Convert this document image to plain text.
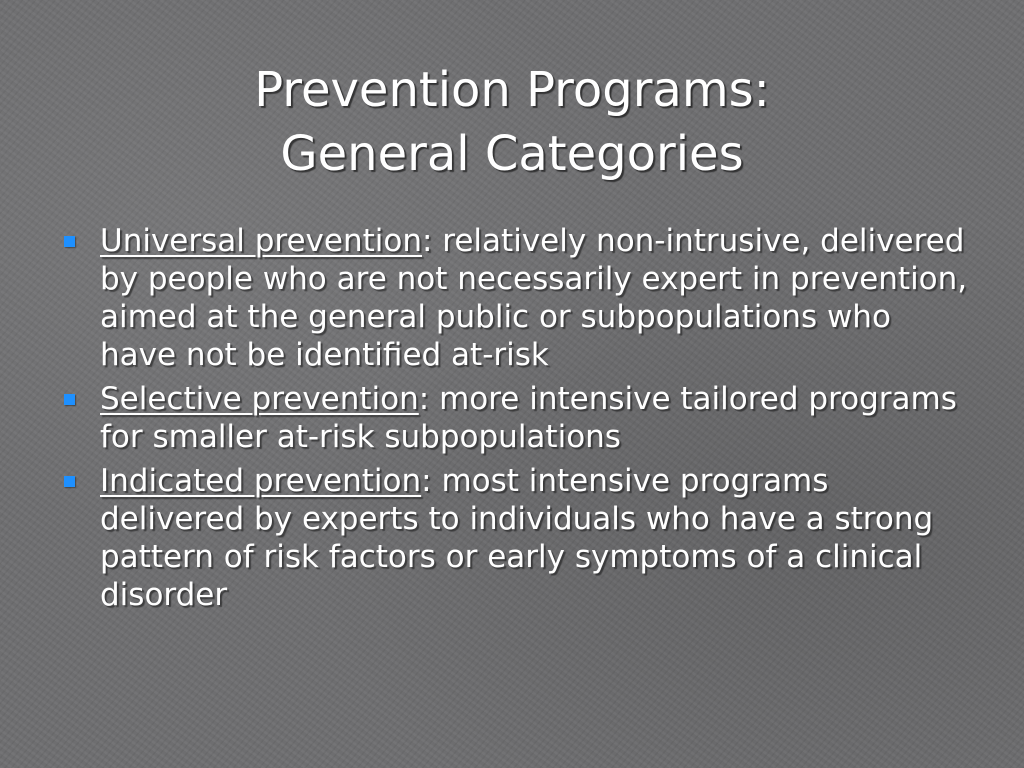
Prevention Programs:
General Categories
Universal prevention: relatively non-intrusive, delivered by people who are not necessarily expert in prevention, aimed at the general public or subpopulations who have not be identified at-risk
Selective prevention: more intensive tailored programs for smaller at-risk subpopulations
Indicated prevention: most intensive programs delivered by experts to individuals who have a strong pattern of risk factors or early symptoms of a clinical disorder
